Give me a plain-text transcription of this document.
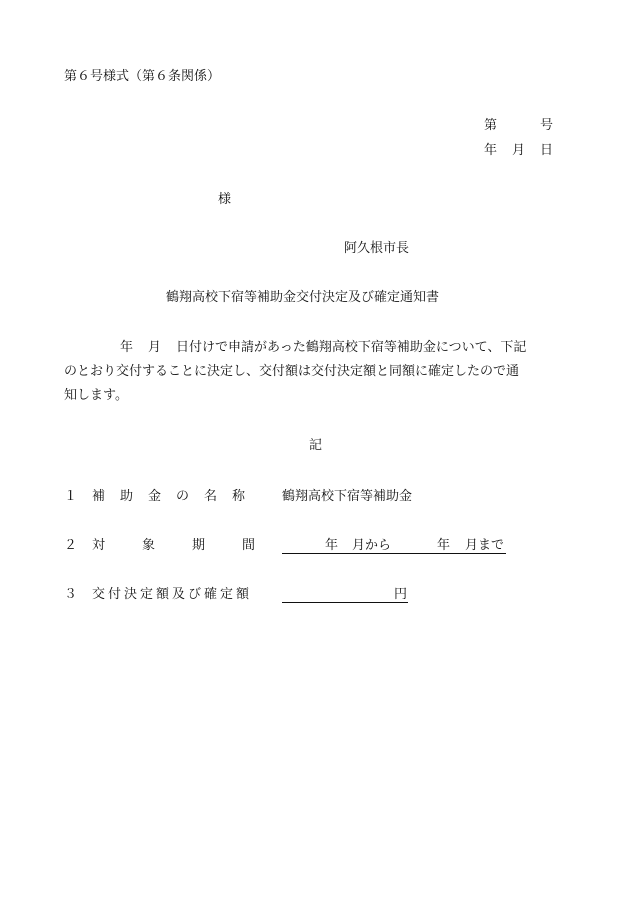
第６号様式（第６条関係）
第	号
年 月 日
様
阿久根市長
鶴翔高校下宿等補助金交付決定及び確定通知書
年 月 日付けで申請があった鶴翔高校下宿等補助金について、下記
のとおり交付することに決定し、交付額は交付決定額と同額に確定したので通
知します。
記
１ 補 助 金 の 名 称	鶴翔高校下宿等補助金
２ 対	象	期	間	年 月から	年 月まで
３ 交 付 決 定 額 及 び 確 定 額	円
